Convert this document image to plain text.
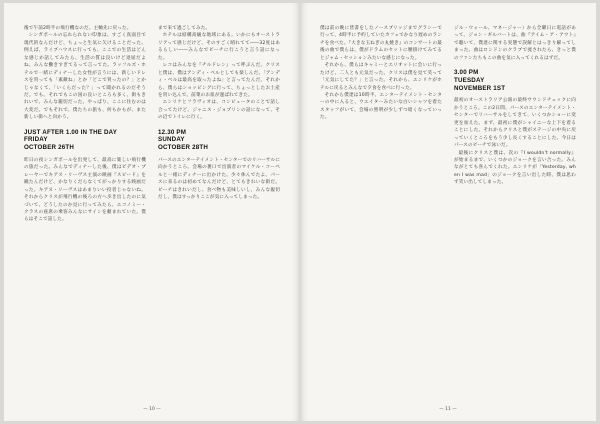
後で午前2時半の飛行機なのだ。主軸先に戻った。

シンガポールの忘れられない印象は、すごく真面目で現代的なんだけど、ちょっと生気に欠けることだった。例えば、ライブハウスに行っても、ここでの生活はどんな感じか話してみたら、生活の質は良いけど退屈だよね、みんな働きすぎてるって言ってた。ラッフルズ・ホテルで一緒にディナーした女性が言うには、新しいドレスを買っても「素敵ね」とか「どこで買ったの？」とかじゃなくて、「いくらだった？」って聞かれるのだそうだ。でも、それでもこの国の良いところも多く、街もきれいで、みんな親切だった。やっぱり、ここに住むのは大変だ。でもそれで、僕たちの旅も、何もかもが、また新しい街へと向かう。

JUST AFTER 1.00 IN THE DAY
FRIDAY
OCTOBER 26TH

昨日の夜シンガポールを出発して、最高に楽しい飛行機の旅だった。みんなでディナーした後、僕はビデオ・プレーヤーでキアヌ・リーヴス主演の映画『スピード』を観たんだけど、かなりくだらなくてがっかりする映画だった。キアヌ・リーヴスはあまりいい役者じゃないね。それからクリスが飛行機の後ろの方へ歩き出したのに気づいて、どうしたのか見に行ってみたら、エコノミー・クラスの座席の乗客みんなにサインを頼まれていた。僕らはそこで話した。

まで来て過ごしてみた。

ホテルは結構高級な地域にある。いかにもオーストラリアって感じだけど、そのすごく晴れてて――32度はあるらしい――みんなでビーチに行こうと言う話になった。

レコはみんなを『チルドレン』って呼ぶんだ。クリスと僕は、僕はアンディ・ベルとしても楽しんだ。「アンディ・ベルは最高を取ったよね」と言ってたんだ。それから、僕らはショッピングに行って、ちょっとしたお土産を買い込んで、前菜のお皿が運ばれてきた。

エンリケとフラヴィオは、コンピュータのことで話し合ってたけど、ジャニス・ジョプリンの話になって、その辺でトイレに行く。

12.30 PM
SUNDAY
OCTOBER 28TH

パースのエンターテイメント・センターでのリハーサルに向かうところ。会場の裏口で出演者のマイケル・コーベルと一緒にディナーに出かけた。少々休んでたよ。パースに来るのは初めてなんだけど、とてもきれいな街だ。ビーチはきれいだし、食べ物も美味しいし、みんな親切だし、僕はすっかりここが気に入ってしまった。

— 10 —

僕は前の晩に皆書をしたノースブリッジまでグラシーで行って、4時半に予約していたカフェでかなり遅めのランチを食べた。『大きな玉ねぎの丸焼き』のコンサートの最後の曲で僕らは、僕がドラムのセットに腰掛けてみてるとジャム・セッションみたいな感じになった。

それから、僕らはキャミーとエリオットに会いに行ったけど、二人とも元気だった。クリスは僕を見て笑って「元気にしてた？」と言った。それから、エンリケがホテルに戻るとみんなで夕食を食べに行った。

それから僕達は10時半、エンターテイメント・センターの中に入ると、ウエイターみたいな白いシャツを着たスタッフがいて、会場の照明が少しずつ暗くなっていった。

ジル・ウォール、マネージャー）から全曜日に電話があって、ジョン・ギルバートは、曲『アイム・ア・アウト』で聴いて、僕達に関する実態で誤解とはっきり解ってしまった。曲はロンドンのクラブで流されたら、きっと僕のファンたちもこの曲を気に入ってくれるはずだ。

3.00 PM
TUESDAY
NOVEMBER 1ST

最初のオーストラリア公演の最終サウンドチェックに向かうところ。この2日間、パースのエンターテイメント・センターでリハーサルをしてきて、いくつかショーに変更を加えた。まず、最初に僕がシャイニーな上下を着ることにした。それからクリスと僕がステージの中央に戻っていくところをもう少し長くすることにした。今日はパースのビーチで泳いだ。

最後にクリスと僕は、次の『I wouldn't normally』が始まるまで、いくつかのジョークを言い合った。みんながとても喜んでくれた。エンリケが「Yesterday, when I was mad」のジョークを言い出した時、僕は思わず笑い出してしまった。

— 11 —
